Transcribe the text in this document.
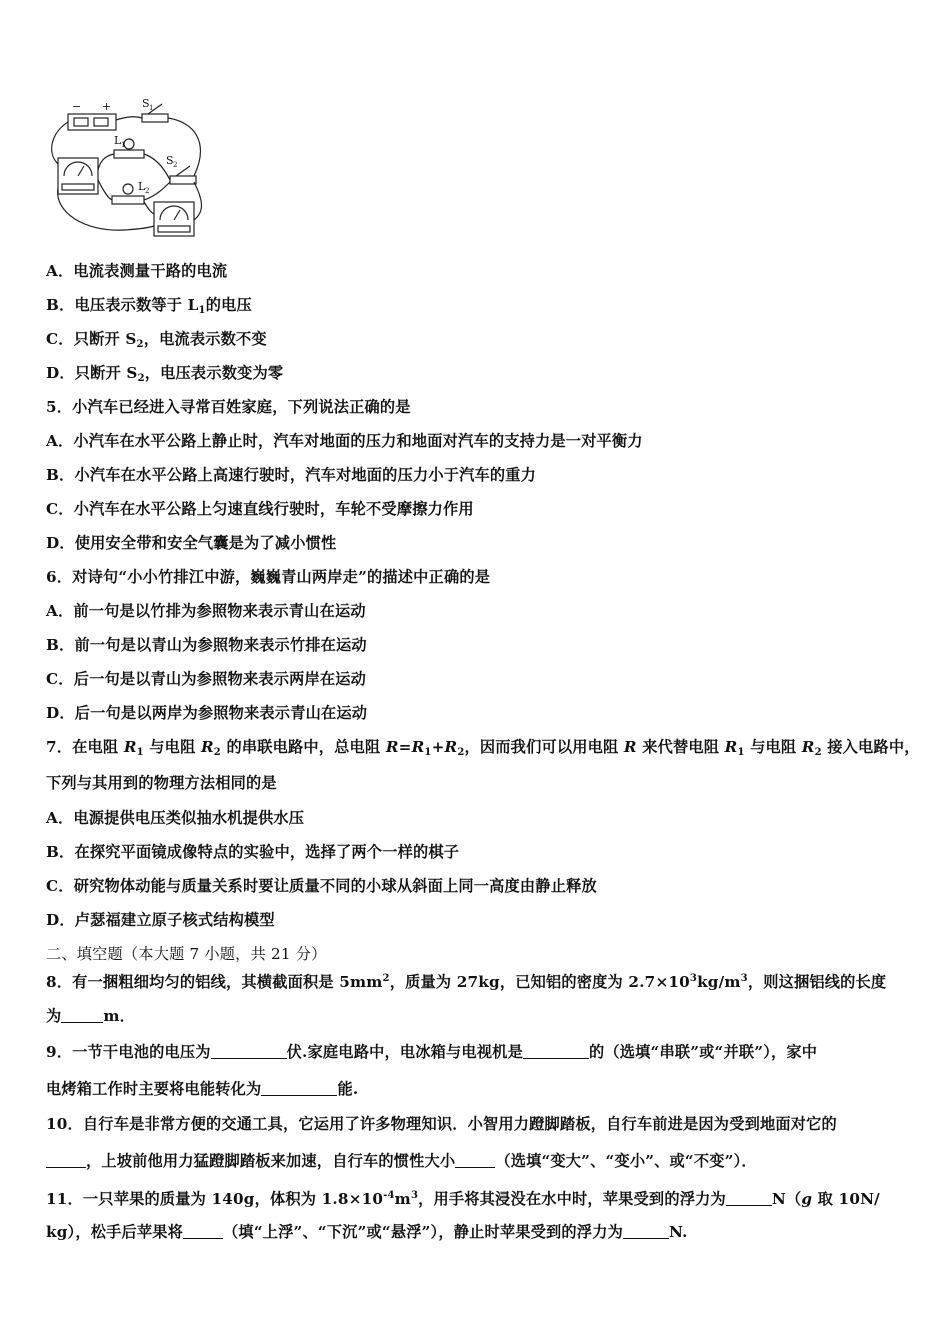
− +	S 1
L 1
S 2
L 2
A．电流表测量干路的电流
B．电压表示数等于 $L_1$的电压
C．只断开 $S_2$，电流表示数不变
D．只断开 $S_2$，电压表示数变为零
5．小汽车已经进入寻常百姓家庭，下列说法正确的是
A．小汽车在水平公路上静止时，汽车对地面的压力和地面对汽车的支持力是一对平衡力
B．小汽车在水平公路上高速行驶时，汽车对地面的压力小于汽车的重力
C．小汽车在水平公路上匀速直线行驶时，车轮不受摩擦力作用
D．使用安全带和安全气囊是为了减小惯性
6．对诗句“小小竹排江中游，巍巍青山两岸走”的描述中正确的是
A．前一句是以竹排为参照物来表示青山在运动
B．前一句是以青山为参照物来表示竹排在运动
C．后一句是以青山为参照物来表示两岸在运动
D．后一句是以两岸为参照物来表示青山在运动
7．在电阻 $R_1$ 与电阻 $R_2$ 的串联电路中，总电阻 $R=R_1+R_2$，因而我们可以用电阻 R 来代替电阻 $R_1$ 与电阻 $R_2$ 接入电路中，
下列与其用到的物理方法相同的是
A．电源提供电压类似抽水机提供水压
B．在探究平面镜成像特点的实验中，选择了两个一样的棋子
C．研究物体动能与质量关系时要让质量不同的小球从斜面上同一高度由静止释放
D．卢瑟福建立原子核式结构模型
二、填空题（本大题 7 小题，共 21 分）
8．有一捆粗细均匀的铝线，其横截面积是 $5mm^2$，质量为 27kg，已知铝的密度为 $2.7\times 10^3kg/m^3$，则这捆铝线的长度
为	m．
9．一节干电池的电压为	伏.家庭电路中，电冰箱与电视机是	的（选填“串联”或“并联”），家中
电烤箱工作时主要将电能转化为	能.
10．自行车是非常方便的交通工具，它运用了许多物理知识．小智用力蹬脚踏板，自行车前进是因为受到地面对它的
，上坡前他用力猛蹬脚踏板来加速，自行车的惯性大小	（选填“变大”、“变小”、或“不变”）．
11．一只苹果的质量为 140g，体积为 $1.8\times 10^{-4}m^3$，用手将其浸没在水中时，苹果受到的浮力为	N（g 取 10N/
kg），松手后苹果将	（填“上浮”、“下沉”或“悬浮”），静止时苹果受到的浮力为	N.
